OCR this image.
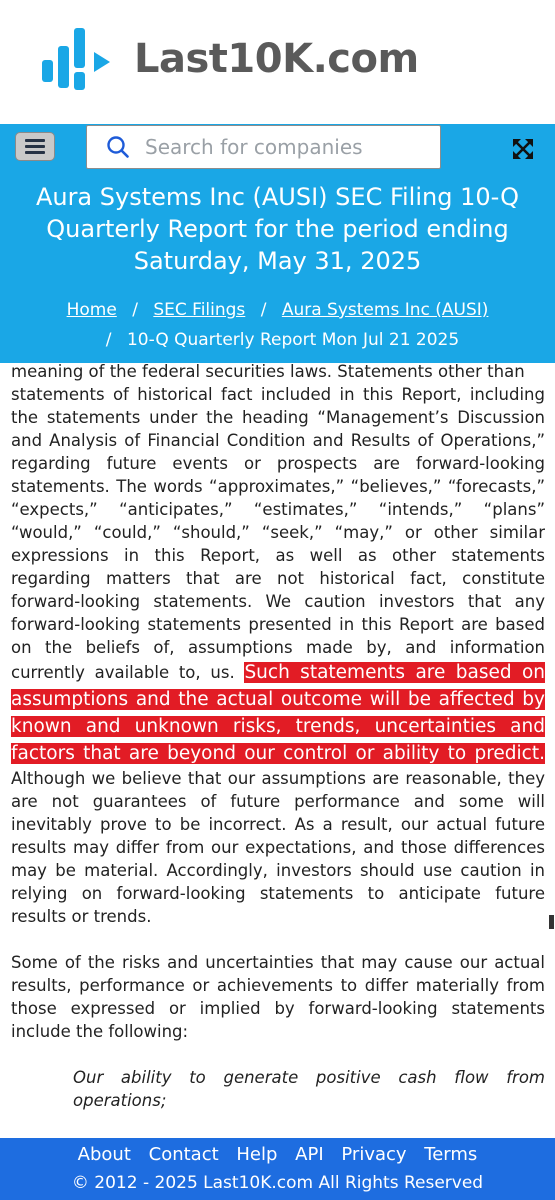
Last10K.com
Search for companies
Aura Systems Inc (AUSI) SEC Filing 10-Q Quarterly Report for the period ending Saturday, May 31, 2025
Home / SEC Filings / Aura Systems Inc (AUSI)
/ 10-Q Quarterly Report Mon Jul 21 2025

meaning of the federal securities laws. Statements other than

statements of historical fact included in this Report, including the statements under the heading “Management’s Discussion and Analysis of Financial Condition and Results of Operations,” regarding future events or prospects are forward-looking statements. The words “approximates,” “believes,” “forecasts,” “expects,” “anticipates,” “estimates,” “intends,” “plans” “would,” “could,” “should,” “seek,” “may,” or other similar expressions in this Report, as well as other statements regarding matters that are not historical fact, constitute forward-looking statements. We caution investors that any forward-looking statements presented in this Report are based on the beliefs of, assumptions made by, and information currently available to, us. Such statements are based on assumptions and the actual outcome will be affected by known and unknown risks, trends, uncertainties and factors that are beyond our control or ability to predict. Although we believe that our assumptions are reasonable, they are not guarantees of future performance and some will inevitably prove to be incorrect. As a result, our actual future results may differ from our expectations, and those differences may be material. Accordingly, investors should use caution in relying on forward-looking statements to anticipate future results or trends.

Some of the risks and uncertainties that may cause our actual results, performance or achievements to differ materially from those expressed or implied by forward-looking statements include the following:

Our ability to generate positive cash flow from operations;

About Contact Help API Privacy Terms
© 2012 - 2025 Last10K.com All Rights Reserved
